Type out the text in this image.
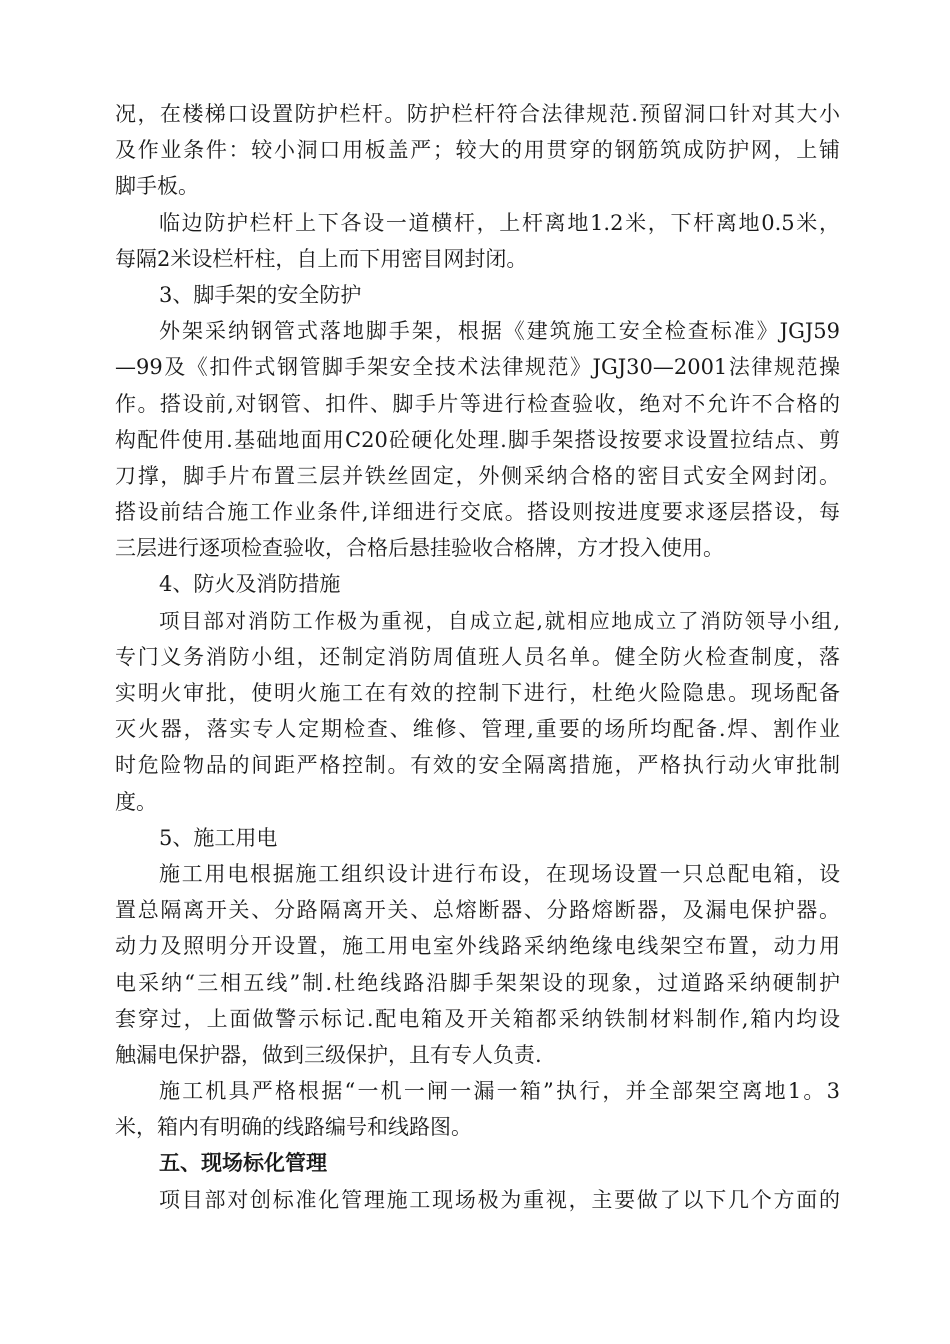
况，在楼梯口设置防护栏杆。防护栏杆符合法律规范.预留洞口针对其大小
及作业条件：较小洞口用板盖严；较大的用贯穿的钢筋筑成防护网，上铺
脚手板。
临边防护栏杆上下各设一道横杆，上杆离地1.2米，下杆离地0.5米，
每隔2米设栏杆柱，自上而下用密目网封闭。
3、脚手架的安全防护
外架采纳钢管式落地脚手架，根据《建筑施工安全检查标准》JGJ59
—99及《扣件式钢管脚手架安全技术法律规范》JGJ30—2001法律规范操
作。搭设前,对钢管、扣件、脚手片等进行检查验收，绝对不允许不合格的
构配件使用.基础地面用C20砼硬化处理.脚手架搭设按要求设置拉结点、剪
刀撑，脚手片布置三层并铁丝固定，外侧采纳合格的密目式安全网封闭。
搭设前结合施工作业条件,详细进行交底。搭设则按进度要求逐层搭设，每
三层进行逐项检查验收，合格后悬挂验收合格牌，方才投入使用。
4、防火及消防措施
项目部对消防工作极为重视，自成立起,就相应地成立了消防领导小组,
专门义务消防小组，还制定消防周值班人员名单。健全防火检查制度，落
实明火审批，使明火施工在有效的控制下进行，杜绝火险隐患。现场配备
灭火器，落实专人定期检查、维修、管理,重要的场所均配备.焊、割作业
时危险物品的间距严格控制。有效的安全隔离措施，严格执行动火审批制
度。
5、施工用电
施工用电根据施工组织设计进行布设，在现场设置一只总配电箱，设
置总隔离开关、分路隔离开关、总熔断器、分路熔断器，及漏电保护器。
动力及照明分开设置，施工用电室外线路采纳绝缘电线架空布置，动力用
电采纳“三相五线”制.杜绝线路沿脚手架架设的现象，过道路采纳硬制护
套穿过，上面做警示标记.配电箱及开关箱都采纳铁制材料制作,箱内均设
触漏电保护器，做到三级保护，且有专人负责.
施工机具严格根据“一机一闸一漏一箱”执行，并全部架空离地1。3
米，箱内有明确的线路编号和线路图。
五、现场标化管理
项目部对创标准化管理施工现场极为重视，主要做了以下几个方面的
